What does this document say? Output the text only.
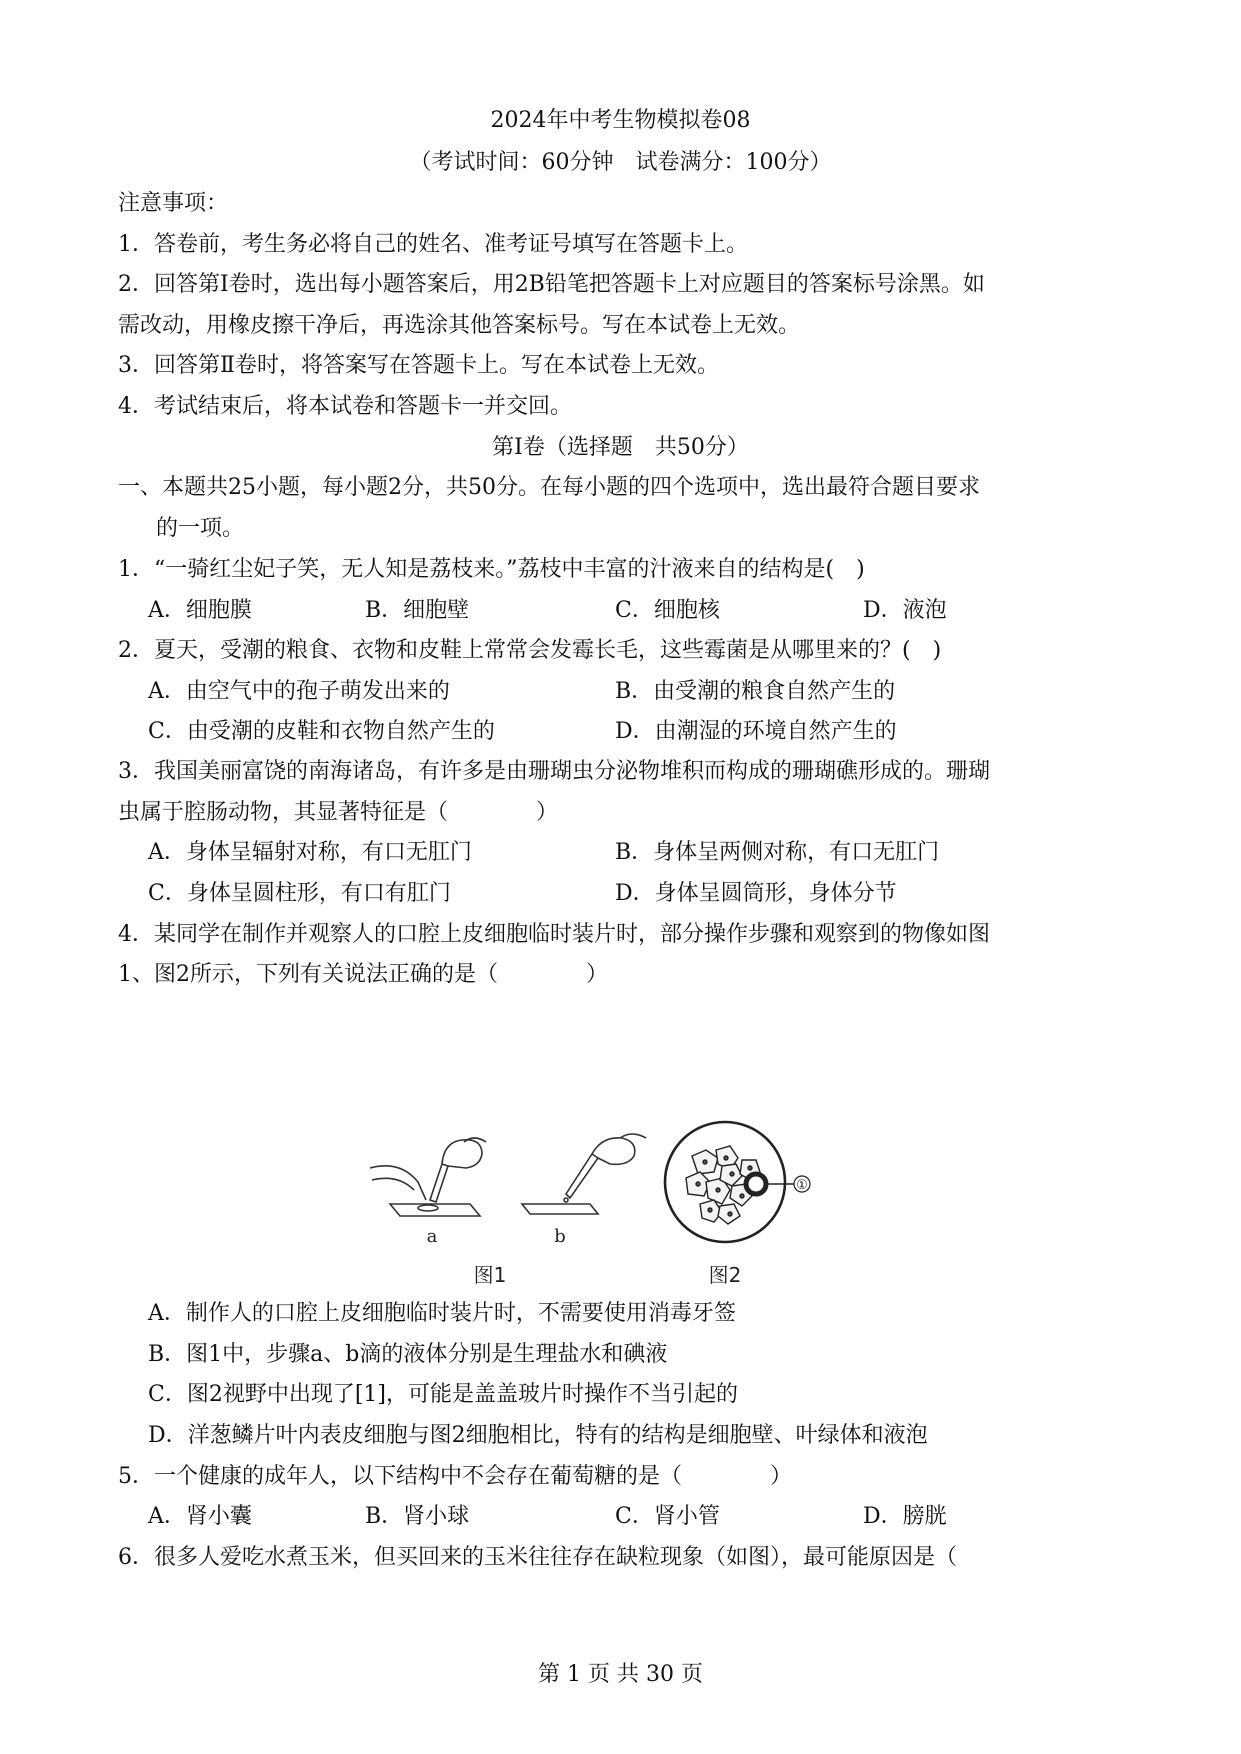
2024年中考生物模拟卷08
（考试时间：60分钟　试卷满分：100分）
注意事项：
1．答卷前，考生务必将自己的姓名、准考证号填写在答题卡上。
2．回答第Ⅰ卷时，选出每小题答案后，用2B铅笔把答题卡上对应题目的答案标号涂黑。如
需改动，用橡皮擦干净后，再选涂其他答案标号。写在本试卷上无效。
3．回答第Ⅱ卷时，将答案写在答题卡上。写在本试卷上无效。
4．考试结束后，将本试卷和答题卡一并交回。
第Ⅰ卷（选择题　共50分）
一、本题共25小题，每小题2分，共50分。在每小题的四个选项中，选出最符合题目要求
的一项。
1．“一骑红尘妃子笑，无人知是荔枝来。”荔枝中丰富的汁液来自的结构是(　)
A．细胞膜	B．细胞壁	C．细胞核	D．液泡
2．夏天，受潮的粮食、衣物和皮鞋上常常会发霉长毛，这些霉菌是从哪里来的？(　)
A．由空气中的孢子萌发出来的	B．由受潮的粮食自然产生的
C．由受潮的皮鞋和衣物自然产生的	D．由潮湿的环境自然产生的
3．我国美丽富饶的南海诸岛，有许多是由珊瑚虫分泌物堆积而构成的珊瑚礁形成的。珊瑚
虫属于腔肠动物，其显著特征是（　　　　）
A．身体呈辐射对称，有口无肛门	B．身体呈两侧对称，有口无肛门
C．身体呈圆柱形，有口有肛门	D．身体呈圆筒形，身体分节
4．某同学在制作并观察人的口腔上皮细胞临时装片时，部分操作步骤和观察到的物像如图
1、图2所示，下列有关说法正确的是（　　　　）
①
a	b
图1	图2
A．制作人的口腔上皮细胞临时装片时，不需要使用消毒牙签
B．图1中，步骤a、b滴的液体分别是生理盐水和碘液
C．图2视野中出现了[1]，可能是盖盖玻片时操作不当引起的
D．洋葱鳞片叶内表皮细胞与图2细胞相比，特有的结构是细胞壁、叶绿体和液泡
5．一个健康的成年人，以下结构中不会存在葡萄糖的是（　　　　）
A．肾小囊	B．肾小球	C．肾小管	D．膀胱
6．很多人爱吃水煮玉米，但买回来的玉米往往存在缺粒现象（如图），最可能原因是（
第 1 页 共 30 页
